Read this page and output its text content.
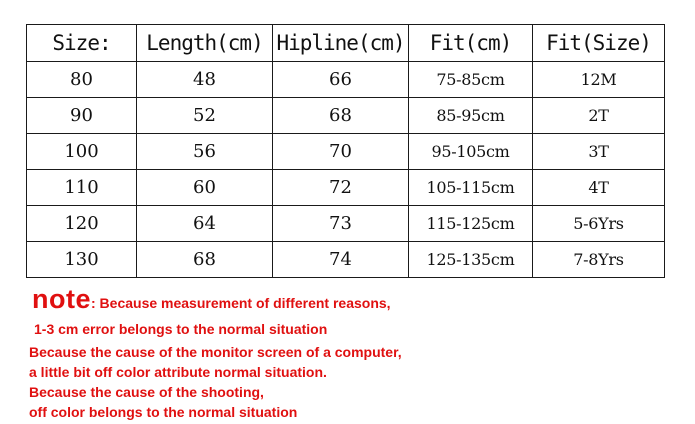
Size:	Length(cm)	Hipline(cm)	Fit(cm)	Fit(Size)
80	48	66	75-85cm	12M
90	52	68	85-95cm	2T
100	56	70	95-105cm	3T
110	60	72	105-115cm	4T
120	64	73	115-125cm	5-6Yrs
130	68	74	125-135cm	7-8Yrs
note: Because measurement of different reasons,
1-3 cm error belongs to the normal situation
Because the cause of the monitor screen of a computer,
a little bit off color attribute normal situation.
Because the cause of the shooting,
off color belongs to the normal situation
